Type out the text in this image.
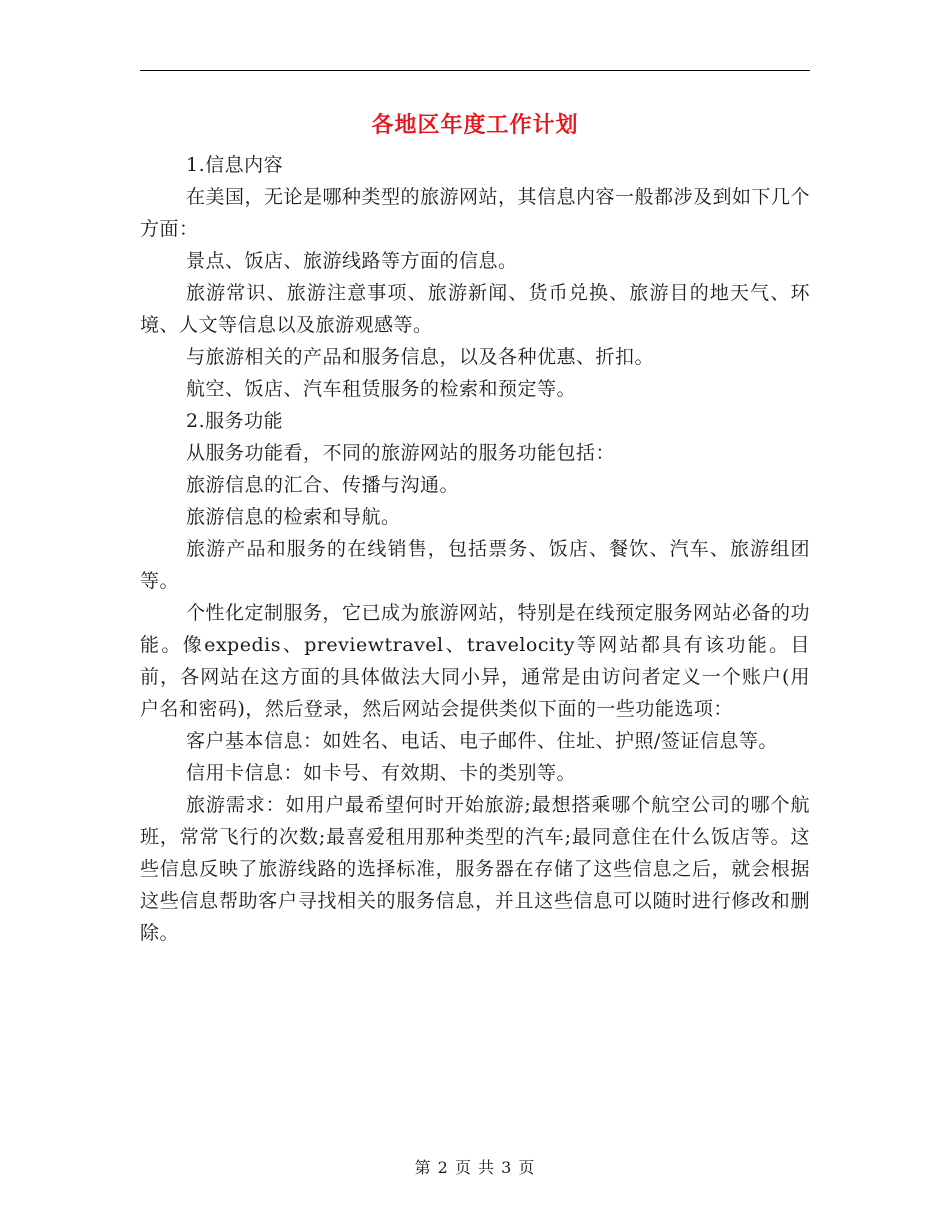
各地区年度工作计划

1.信息内容

在美国，无论是哪种类型的旅游网站，其信息内容一般都涉及到如下几个方面：

景点、饭店、旅游线路等方面的信息。

旅游常识、旅游注意事项、旅游新闻、货币兑换、旅游目的地天气、环境、人文等信息以及旅游观感等。

与旅游相关的产品和服务信息，以及各种优惠、折扣。

航空、饭店、汽车租赁服务的检索和预定等。

2.服务功能

从服务功能看，不同的旅游网站的服务功能包括：

旅游信息的汇合、传播与沟通。

旅游信息的检索和导航。

旅游产品和服务的在线销售，包括票务、饭店、餐饮、汽车、旅游组团等。

个性化定制服务，它已成为旅游网站，特别是在线预定服务网站必备的功能。像expedis、previewtravel、travelocity等网站都具有该功能。目前，各网站在这方面的具体做法大同小异，通常是由访问者定义一个账户(用户名和密码)，然后登录，然后网站会提供类似下面的一些功能选项：

客户基本信息：如姓名、电话、电子邮件、住址、护照/签证信息等。

信用卡信息：如卡号、有效期、卡的类别等。

旅游需求：如用户最希望何时开始旅游;最想搭乘哪个航空公司的哪个航班，常常飞行的次数;最喜爱租用那种类型的汽车;最同意住在什么饭店等。这些信息反映了旅游线路的选择标准，服务器在存储了这些信息之后，就会根据这些信息帮助客户寻找相关的服务信息，并且这些信息可以随时进行修改和删除。

第 2 页 共 3 页
